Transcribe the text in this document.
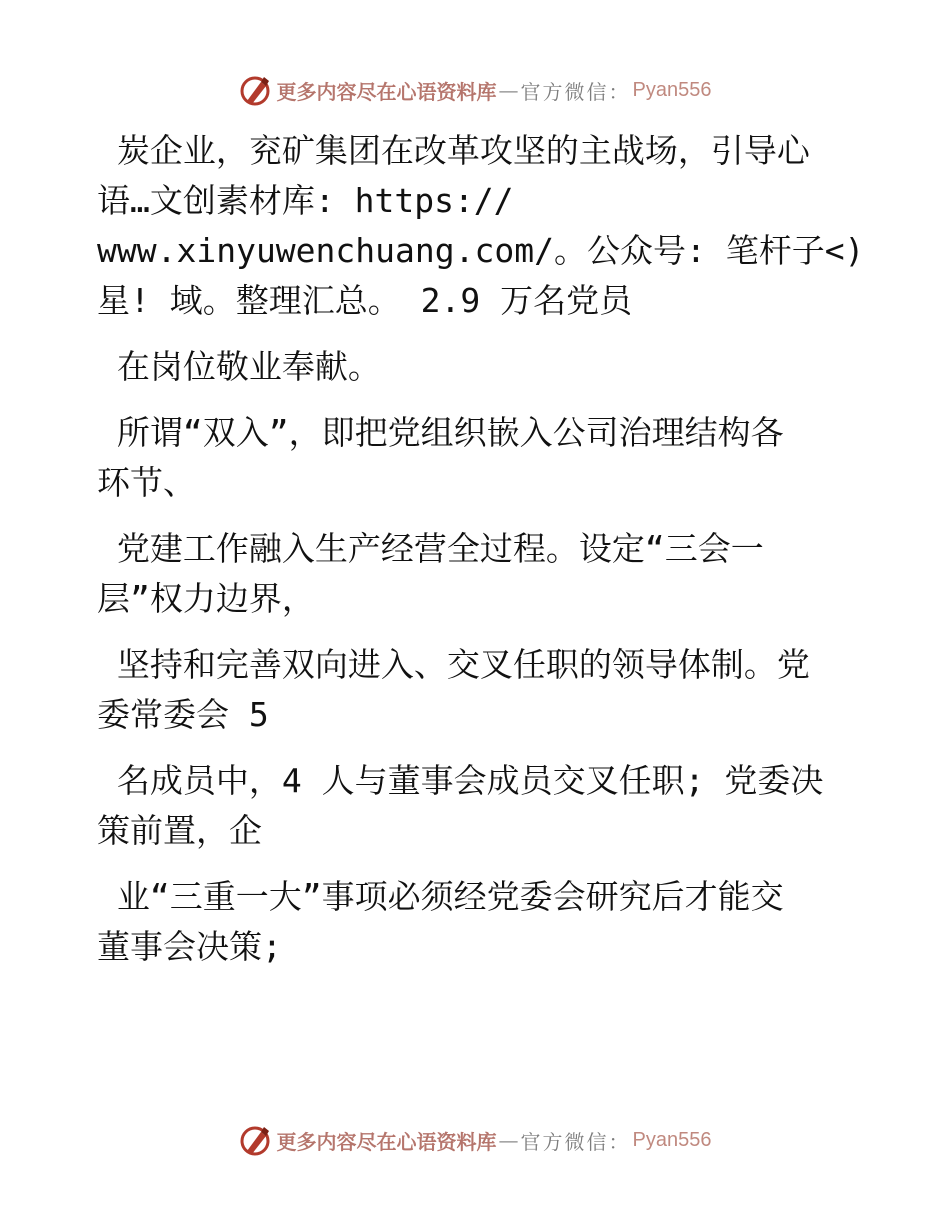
更多内容尽在心语资料库 — 官方微信： Pyan556
炭企业，兖矿集团在改革攻坚的主战场，引导心
语…文创素材库: https://
www.xinyuwenchuang.com/。公众号: 笔杆子<)
星! 域。整理汇总。 2.9 万名党员
在岗位敬业奉献。
所谓“双入”，即把党组织嵌入公司治理结构各
环节、
党建工作融入生产经营全过程。设定“三会一
层”权力边界，
坚持和完善双向进入、交叉任职的领导体制。党
委常委会 5
名成员中，4 人与董事会成员交叉任职; 党委决
策前置，企
业“三重一大”事项必须经党委会研究后才能交
董事会决策;
更多内容尽在心语资料库 — 官方微信： Pyan556
